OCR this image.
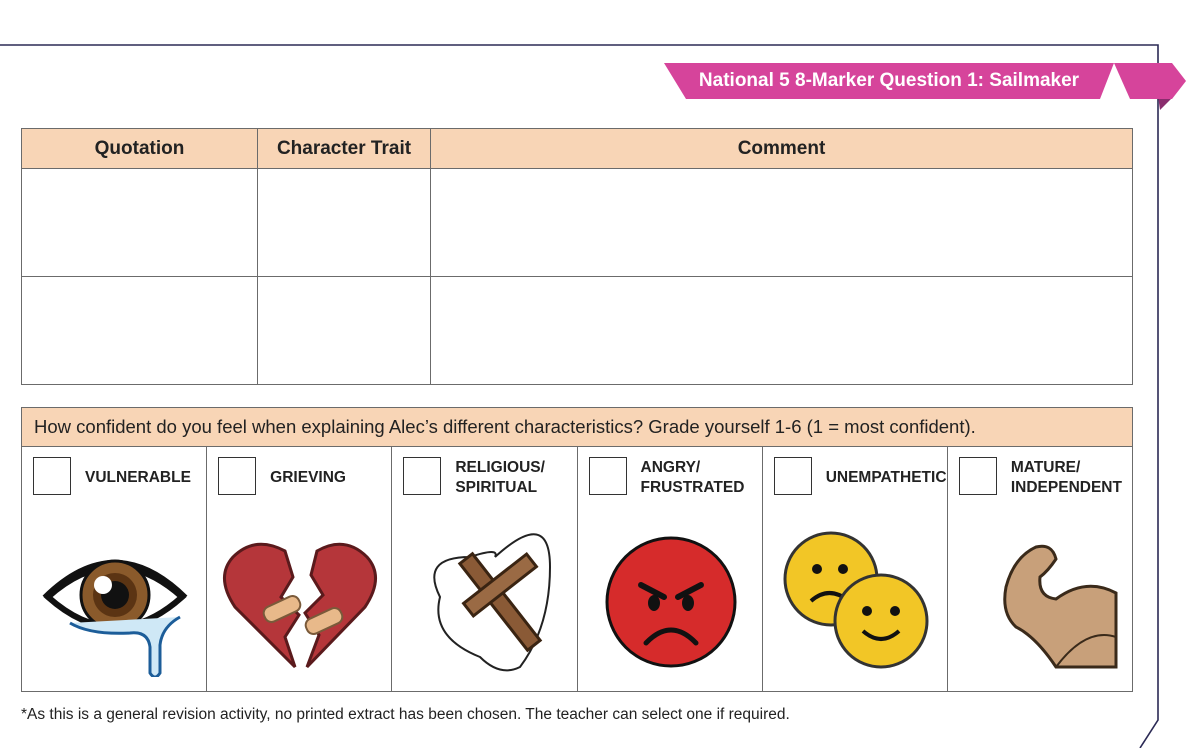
National 5 8-Marker Question 1: Sailmaker
Quotation	Character Trait	Comment

How confident do you feel when explaining Alec’s different characteristics? Grade yourself 1-6 (1 = most confident).
VULNERABLE	GRIEVING
RELIGIOUS/
SPIRITUAL
ANGRY/
FRUSTRATED
UNEMPATHETIC
MATURE/
INDEPENDENT
*As this is a general revision activity, no printed extract has been chosen. The teacher can select one if required.
